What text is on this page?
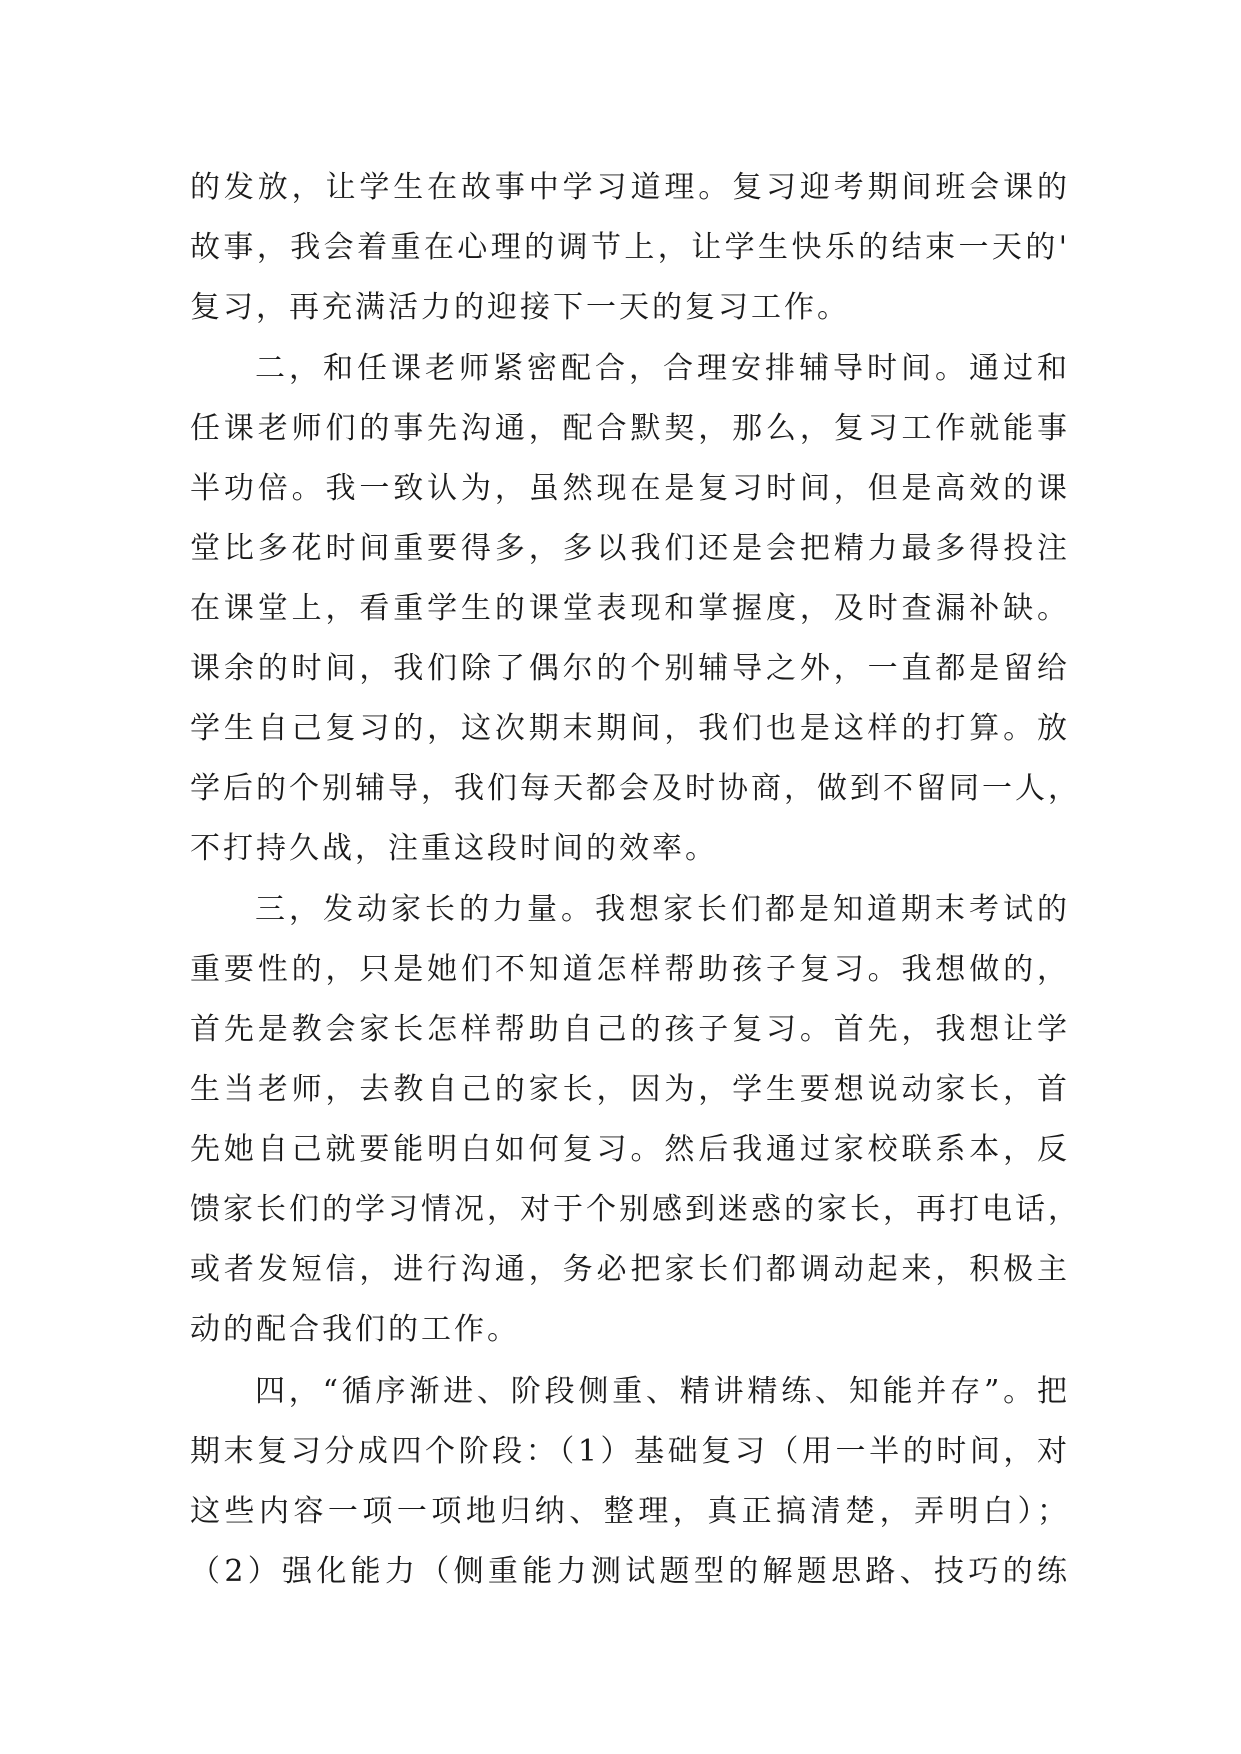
的发放，让学生在故事中学习道理。复习迎考期间班会课的
故事，我会着重在心理的调节上，让学生快乐的结束一天的'
复习，再充满活力的迎接下一天的复习工作。
二，和任课老师紧密配合，合理安排辅导时间。通过和
任课老师们的事先沟通，配合默契，那么，复习工作就能事
半功倍。我一致认为，虽然现在是复习时间，但是高效的课
堂比多花时间重要得多，多以我们还是会把精力最多得投注
在课堂上，看重学生的课堂表现和掌握度，及时查漏补缺。
课余的时间，我们除了偶尔的个别辅导之外，一直都是留给
学生自己复习的，这次期末期间，我们也是这样的打算。放
学后的个别辅导，我们每天都会及时协商，做到不留同一人，
不打持久战，注重这段时间的效率。
三，发动家长的力量。我想家长们都是知道期末考试的
重要性的，只是她们不知道怎样帮助孩子复习。我想做的，
首先是教会家长怎样帮助自己的孩子复习。首先，我想让学
生当老师，去教自己的家长，因为，学生要想说动家长，首
先她自己就要能明白如何复习。然后我通过家校联系本，反
馈家长们的学习情况，对于个别感到迷惑的家长，再打电话，
或者发短信，进行沟通，务必把家长们都调动起来，积极主
动的配合我们的工作。
四，“循序渐进、阶段侧重、精讲精练、知能并存”。把
期末复习分成四个阶段：（1）基础复习（用一半的时间，对
这些内容一项一项地归纳、整理，真正搞清楚，弄明白）；
（2）强化能力（侧重能力测试题型的解题思路、技巧的练
